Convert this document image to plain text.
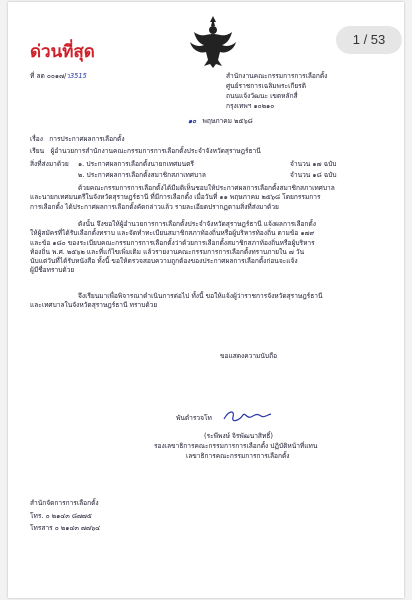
ด่วนที่สุด
ที่ ลต ๐๐๑๗/ว3515	สำนักงานคณะกรรมการการเลือกตั้ง
ศูนย์ราชการเฉลิมพระเกียรติ
ถนนแจ้งวัฒนะ เขตหลักสี่
กรุงเทพฯ ๑๐๒๑๐
๑๐ พฤษภาคม ๒๕๖๘
เรื่อง การประกาศผลการเลือกตั้ง
เรียน ผู้อำนวยการสำนักงานคณะกรรมการการเลือกตั้งประจำจังหวัดสุราษฎร์ธานี
สิ่งที่ส่งมาด้วย ๑. ประกาศผลการเลือกตั้งนายกเทศมนตรี	จำนวน ๑๗ ฉบับ
๒. ประกาศผลการเลือกตั้งสมาชิกสภาเทศบาล	จำนวน ๑๘ ฉบับ
ด้วยคณะกรรมการการเลือกตั้งได้มีมติเห็นชอบให้ประกาศผลการเลือกตั้งสมาชิกสภาเทศบาล
และนายกเทศมนตรีในจังหวัดสุราษฎร์ธานี ที่มีการเลือกตั้ง เมื่อวันที่ ๑๑ พฤษภาคม ๒๕๖๘ โดยกรรมการ
การเลือกตั้ง ได้ประกาศผลการเลือกตั้งคัดกล่าวแล้ว รายละเอียดปรากฏตามสิ่งที่ส่งมาด้วย
ดังนั้น จึงขอให้ผู้อำนวยการการเลือกตั้งประจำจังหวัดสุราษฎร์ธานี แจ้งผลการเลือกตั้ง
ให้ผู้สมัครที่ได้รับเลือกตั้งทราบ และจัดทำทะเบียนสมาชิกสภาท้องถิ่นหรือผู้บริหารท้องถิ่น ตามข้อ ๑๗๙
และข้อ ๑๘๐ ของระเบียบคณะกรรมการการเลือกตั้งว่าด้วยการเลือกตั้งสมาชิกสภาท้องถิ่นหรือผู้บริหาร
ท้องถิ่น พ.ศ. ๒๕๖๒ และที่แก้ไขเพิ่มเติม แล้วรายงานคณะกรรมการการเลือกตั้งทราบภายใน ๗ วัน
นับแต่วันที่ได้รับหนังสือ ทั้งนี้ ขอให้ตรวจสอบความถูกต้องของประกาศผลการเลือกตั้งก่อนจะแจ้ง
ผู้มีชื่อทราบด้วย
จึงเรียนมาเพื่อพิจารณาดำเนินการต่อไป ทั้งนี้ ขอให้แจ้งผู้ว่าราชการจังหวัดสุราษฎร์ธานี
และเทศบาลในจังหวัดสุราษฎร์ธานี ทราบด้วย
ขอแสดงความนับถือ
พันตำรวจโท
(ระพีพงษ์ จิรพัฒนาสิทธิ์)
รองเลขาธิการคณะกรรมการการเลือกตั้ง ปฏิบัติหน้าที่แทน
เลขาธิการคณะกรรมการการเลือกตั้ง
สำนักจัดการการเลือกตั้ง
โทร. ๐ ๒๑๔๓ ๘๗๗๕
โทรสาร ๐ ๒๑๔๓ ๗๗๖๔
1 / 53
